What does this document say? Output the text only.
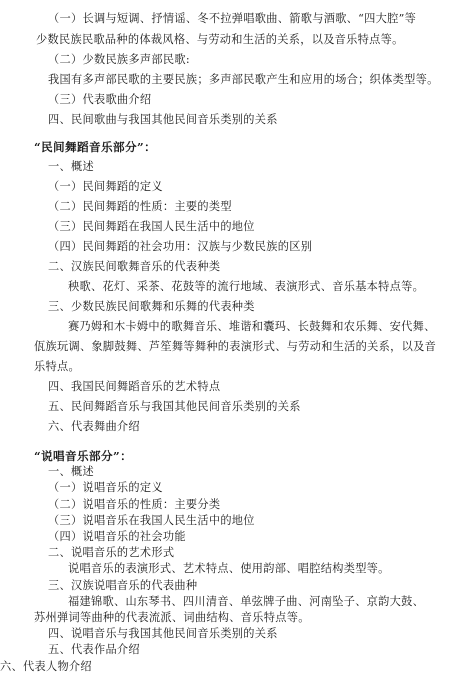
（一）长调与短调、抒情谣、冬不拉弹唱歌曲、箭歌与酒歌、“四大腔”等
少数民族民歌品种的体裁风格、与劳动和生活的关系，以及音乐特点等。
（二）少数民族多声部民歌:
我国有多声部民歌的主要民族；多声部民歌产生和应用的场合；织体类型等。
（三）代表歌曲介绍
四、民间歌曲与我国其他民间音乐类别的关系
“民间舞蹈音乐部分”：
一、概述
（一）民间舞蹈的定义
（二）民间舞蹈的性质：主要的类型
（三）民间舞蹈在我国人民生活中的地位
（四）民间舞蹈的社会功用：汉族与少数民族的区别
二、汉族民间歌舞音乐的代表种类
秧歌、花灯、采茶、花鼓等的流行地域、表演形式、音乐基本特点等。
三、少数民族民间歌舞和乐舞的代表种类
赛乃姆和木卡姆中的歌舞音乐、堆谐和囊玛、长鼓舞和农乐舞、安代舞、
佤族玩调、象脚鼓舞、芦笙舞等舞种的表演形式、与劳动和生活的关系，以及音
乐特点。
四、我国民间舞蹈音乐的艺术特点
五、民间舞蹈音乐与我国其他民间音乐类别的关系
六、代表舞曲介绍
“说唱音乐部分”：
一、概述
（一）说唱音乐的定义
（二）说唱音乐的性质：主要分类
（三）说唱音乐在我国人民生活中的地位
（四）说唱音乐的社会功能
二、说唱音乐的艺术形式
说唱音乐的表演形式、艺术特点、使用韵部、唱腔结构类型等。
三、汉族说唱音乐的代表曲种
福建锦歌、山东琴书、四川清音、单弦牌子曲、河南坠子、京韵大鼓、
苏州弹词等曲种的代表流派、词曲结构、音乐特点等。
四、说唱音乐与我国其他民间音乐类别的关系
五、代表作品介绍
六、代表人物介绍
